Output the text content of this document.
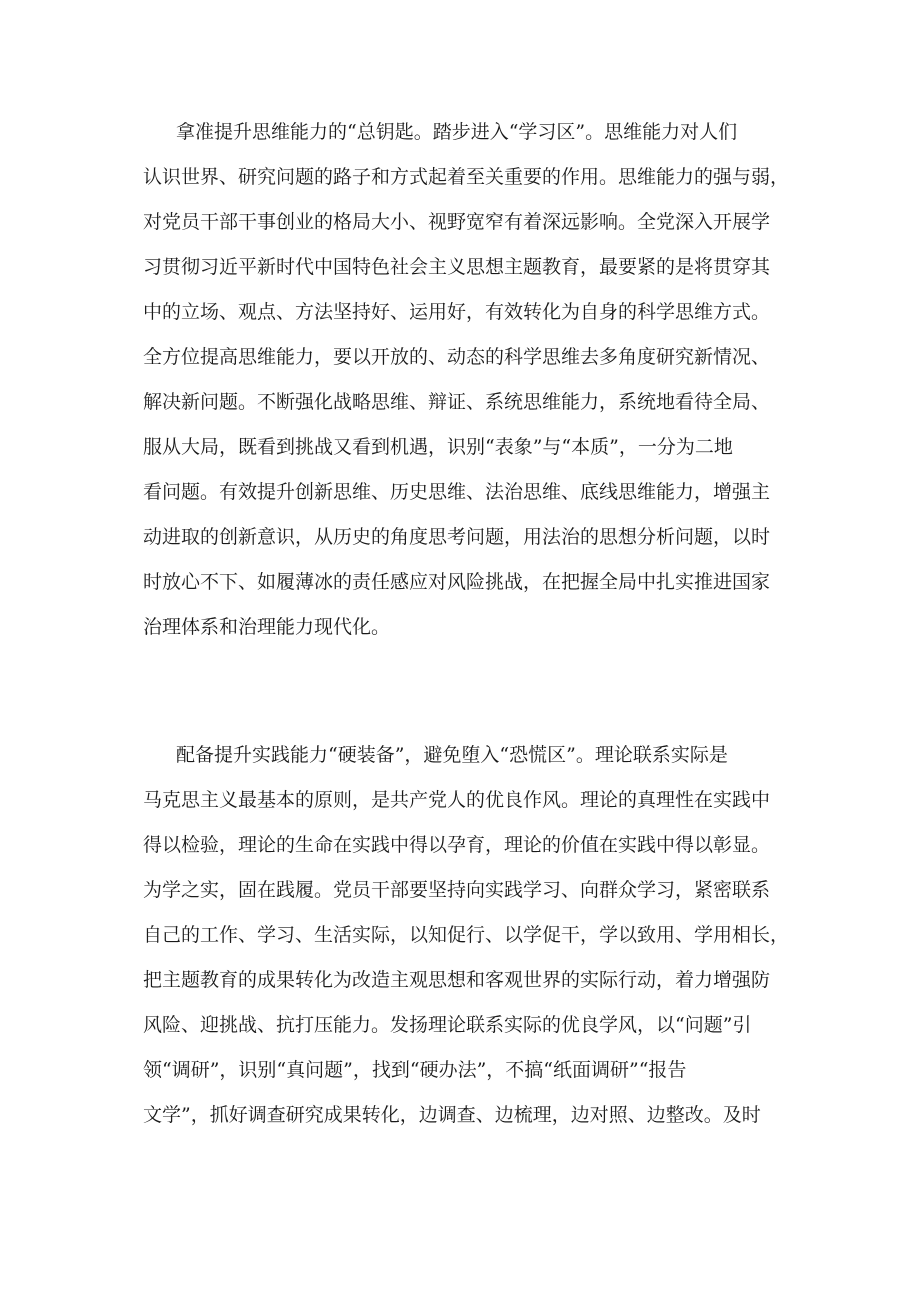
拿准提升思维能力的“总钥匙。踏步进入“学习区”。思维能力对人们
认识世界、研究问题的路子和方式起着至关重要的作用。思维能力的强与弱，
对党员干部干事创业的格局大小、视野宽窄有着深远影响。全党深入开展学
习贯彻习近平新时代中国特色社会主义思想主题教育，最要紧的是将贯穿其
中的立场、观点、方法坚持好、运用好，有效转化为自身的科学思维方式。
全方位提高思维能力，要以开放的、动态的科学思维去多角度研究新情况、
解决新问题。不断强化战略思维、辩证、系统思维能力，系统地看待全局、
服从大局，既看到挑战又看到机遇，识别“表象”与“本质”，一分为二地
看问题。有效提升创新思维、历史思维、法治思维、底线思维能力，增强主
动进取的创新意识，从历史的角度思考问题，用法治的思想分析问题，以时
时放心不下、如履薄冰的责任感应对风险挑战，在把握全局中扎实推进国家
治理体系和治理能力现代化。
配备提升实践能力“硬装备”，避免堕入“恐慌区”。理论联系实际是
马克思主义最基本的原则，是共产党人的优良作风。理论的真理性在实践中
得以检验，理论的生命在实践中得以孕育，理论的价值在实践中得以彰显。
为学之实，固在践履。党员干部要坚持向实践学习、向群众学习，紧密联系
自己的工作、学习、生活实际，以知促行、以学促干，学以致用、学用相长，
把主题教育的成果转化为改造主观思想和客观世界的实际行动，着力增强防
风险、迎挑战、抗打压能力。发扬理论联系实际的优良学风，以“问题”引
领“调研”，识别“真问题”，找到“硬办法”，不搞“纸面调研”“报告
文学”，抓好调查研究成果转化，边调查、边梳理，边对照、边整改。及时
